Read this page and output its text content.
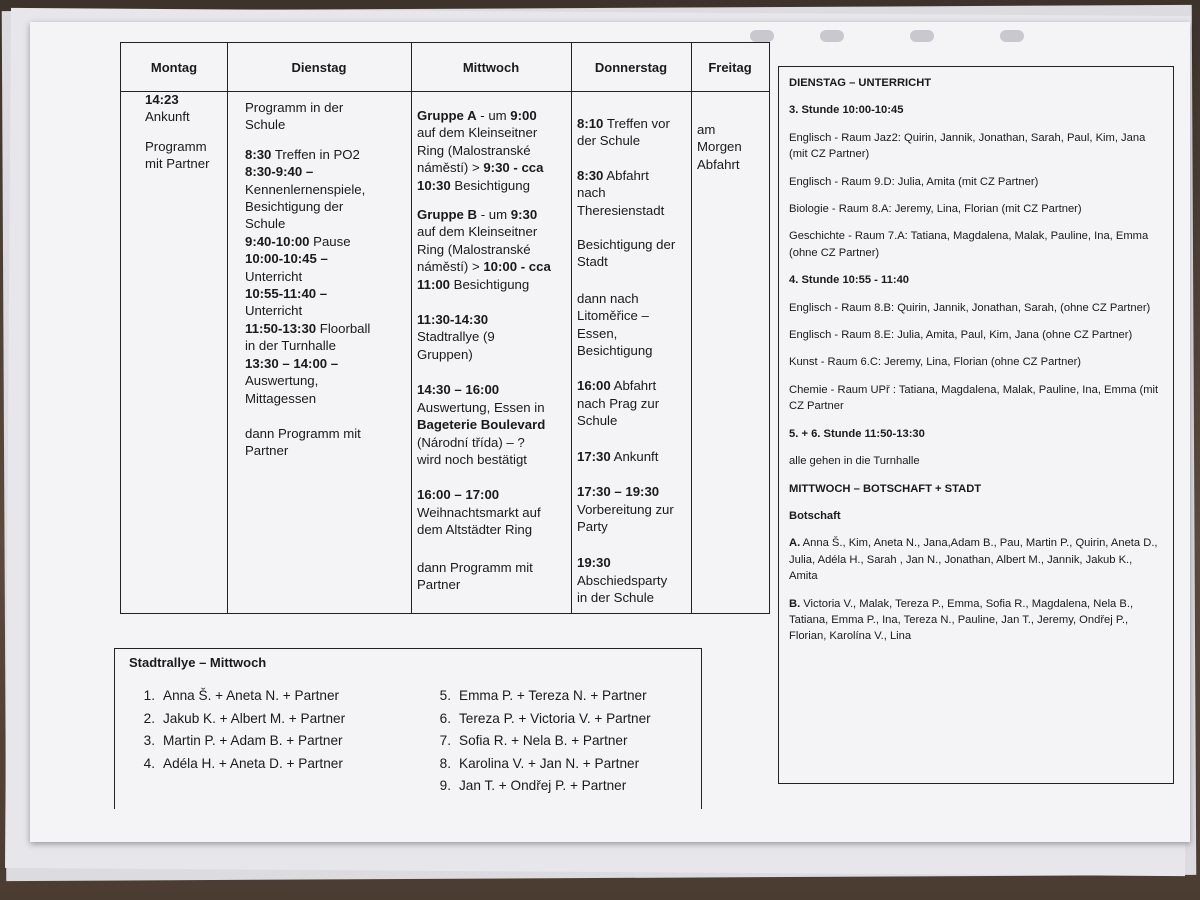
Montag
14:23
Ankunft
Programm
mit Partner
Dienstag
Programm in der
Schule
8:30 Treffen in PO2
8:30-9:40 –
Kennenlernenspiele,
Besichtigung der
Schule
9:40-10:00 Pause
10:00-10:45 –
Unterricht
10:55-11:40 –
Unterricht
11:50-13:30 Floorball
in der Turnhalle
13:30 – 14:00 –
Auswertung,
Mittagessen
dann Programm mit
Partner
Mittwoch
Gruppe A - um 9:00
auf dem Kleinseitner
Ring (Malostranské
náměstí) > 9:30 - cca
10:30 Besichtigung
Gruppe B - um 9:30
auf dem Kleinseitner
Ring (Malostranské
náměstí) > 10:00 - cca
11:00 Besichtigung
11:30-14:30
Stadtrallye (9
Gruppen)
14:30 – 16:00
Auswertung, Essen in
Bageterie Boulevard
(Národní třída) – ?
wird noch bestätigt
16:00 – 17:00
Weihnachtsmarkt auf
dem Altstädter Ring
dann Programm mit
Partner
Donnerstag
8:10 Treffen vor
der Schule
8:30 Abfahrt
nach
Theresienstadt
Besichtigung der
Stadt
dann nach
Litoměřice –
Essen,
Besichtigung
16:00 Abfahrt
nach Prag zur
Schule
17:30 Ankunft
17:30 – 19:30
Vorbereitung zur
Party
19:30
Abschiedsparty
in der Schule
Freitag
am
Morgen
Abfahrt
Stadtrallye – Mittwoch
1. Anna Š. + Aneta N. + Partner
2. Jakub K. + Albert M. + Partner
3. Martin P. + Adam B. + Partner
4. Adéla H. + Aneta D. + Partner
5. Emma P. + Tereza N. + Partner
6. Tereza P. + Victoria V. + Partner
7. Sofia R. + Nela B. + Partner
8. Karolina V. + Jan N. + Partner
9. Jan T. + Ondřej P. + Partner
DIENSTAG – UNTERRICHT
3. Stunde 10:00-10:45
Englisch - Raum Jaz2: Quirin, Jannik, Jonathan, Sarah, Paul, Kim, Jana (mit CZ Partner)
Englisch - Raum 9.D: Julia, Amita (mit CZ Partner)
Biologie - Raum 8.A: Jeremy, Lina, Florian (mit CZ Partner)
Geschichte - Raum 7.A: Tatiana, Magdalena, Malak, Pauline, Ina, Emma (ohne CZ Partner)
4. Stunde 10:55 - 11:40
Englisch - Raum 8.B: Quirin, Jannik, Jonathan, Sarah, (ohne CZ Partner)
Englisch - Raum 8.E: Julia, Amita, Paul, Kim, Jana (ohne CZ Partner)
Kunst - Raum 6.C: Jeremy, Lina, Florian (ohne CZ Partner)
Chemie - Raum UPř : Tatiana, Magdalena, Malak, Pauline, Ina, Emma (mit CZ Partner
5. + 6. Stunde 11:50-13:30
alle gehen in die Turnhalle
MITTWOCH – BOTSCHAFT + STADT
Botschaft
A. Anna Š., Kim, Aneta N., Jana,Adam B., Pau, Martin P., Quirin, Aneta D., Julia, Adéla H., Sarah , Jan N., Jonathan, Albert M., Jannik, Jakub K., Amita
B. Victoria V., Malak, Tereza P., Emma, Sofia R., Magdalena, Nela B., Tatiana, Emma P., Ina, Tereza N., Pauline, Jan T., Jeremy, Ondřej P., Florian, Karolína V., Lina
